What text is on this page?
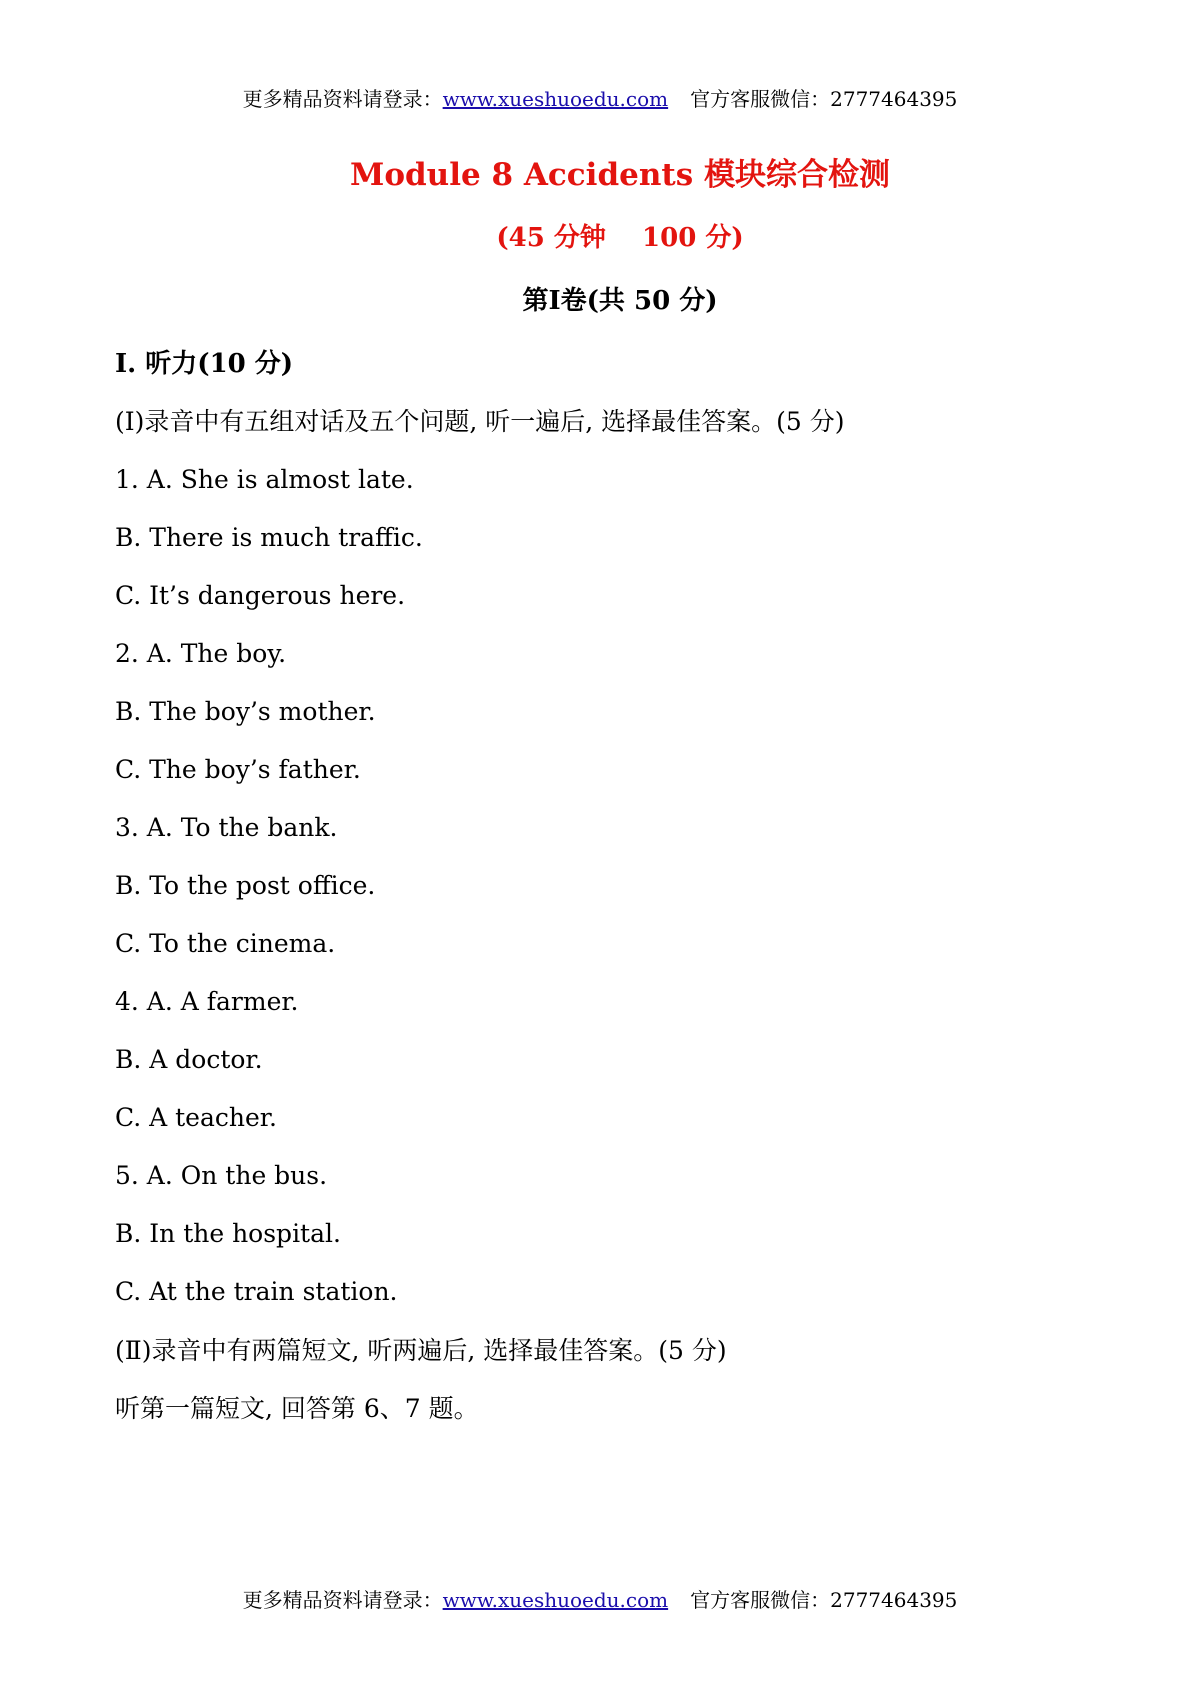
更多精品资料请登录：www.xueshuoedu.com 官方客服微信：2777464395
Module 8 Accidents 模块综合检测
(45 分钟    100 分)
第Ⅰ卷(共 50 分)
Ⅰ. 听力(10 分)
(Ⅰ)录音中有五组对话及五个问题, 听一遍后, 选择最佳答案。(5 分)
1. A. She is almost late.
B. There is much traffic.
C. It’s dangerous here.
2. A. The boy.
B. The boy’s mother.
C. The boy’s father.
3. A. To the bank.
B. To the post office.
C. To the cinema.
4. A. A farmer.
B. A doctor.
C. A teacher.
5. A. On the bus.
B. In the hospital.
C. At the train station.
(Ⅱ)录音中有两篇短文, 听两遍后, 选择最佳答案。(5 分)
听第一篇短文, 回答第 6、7 题。
更多精品资料请登录：www.xueshuoedu.com 官方客服微信：2777464395
